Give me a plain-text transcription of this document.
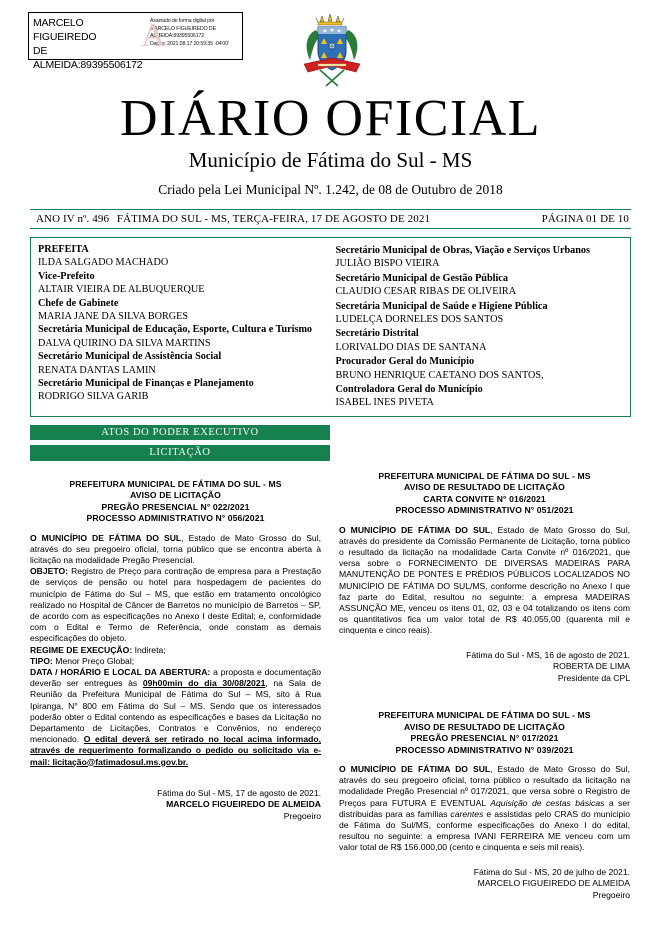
MARCELO FIGUEIREDO
DE
ALMEIDA:89395506172
A
Assinado de forma digital por
MARCELO FIGUEIREDO DE
ALMEIDA:89395506172
Dados: 2021.08.17 20:59:35 -04'00'
DIÁRIO OFICIAL
Município de Fátima do Sul - MS
Criado pela Lei Municipal Nº. 1.242, de 08 de Outubro de 2018
ANO IV nº. 496 FÁTIMA DO SUL - MS, TERÇA-FEIRA, 17 DE AGOSTO DE 2021	PÁGINA 01 DE 10
PREFEITA
ILDA SALGADO MACHADO
Vice-Prefeito
ALTAIR VIEIRA DE ALBUQUERQUE
Chefe de Gabinete
MARIA JANE DA SILVA BORGES
Secretária Municipal de Educação, Esporte, Cultura e Turismo
DALVA QUIRINO DA SILVA MARTINS
Secretário Municipal de Assistência Social
RENATA DANTAS LAMIN
Secretário Municipal de Finanças e Planejamento
RODRIGO SILVA GARIB
Secretário Municipal de Obras, Viação e Serviços Urbanos
JULIÃO BISPO VIEIRA
Secretário Municipal de Gestão Pública
CLAUDIO CESAR RIBAS DE OLIVEIRA
Secretária Municipal de Saúde e Higiene Pública
LUDELÇA DORNELES DOS SANTOS
Secretário Distrital
LORIVALDO DIAS DE SANTANA
Procurador Geral do Município
BRUNO HENRIQUE CAETANO DOS SANTOS,
Controladora Geral do Município
ISABEL INES PIVETA
ATOS DO PODER EXECUTIVO
LICITAÇÃO
PREFEITURA MUNICIPAL DE FÁTIMA DO SUL - MS
AVISO DE LICITAÇÃO
PREGÃO PRESENCIAL N° 022/2021
PROCESSO ADMINISTRATIVO N° 056/2021

O MUNICÍPIO DE FÁTIMA DO SUL, Estado de Mato Grosso do Sul, através do seu pregoeiro oficial, torna público que se encontra aberta à licitação na modalidade Pregão Presencial.

OBJETO: Registro de Preço para contração de empresa para a Prestação de serviços de pensão ou hotel para hospedagem de pacientes do município de Fátima do Sul – MS, que estão em tratamento oncológico realizado no Hospital de Câncer de Barretos no município de Barretos – SP, de acordo com as especificações no Anexo I deste Edital; e, conformidade com o Edital e Termo de Referência, onde constam as demais especificações do objeto.

REGIME DE EXECUÇÃO: Indireta;

TIPO: Menor Preço Global;

DATA / HORÁRIO E LOCAL DA ABERTURA: a proposta e documentação deverão ser entregues às 09h00min do dia 30/08/2021, na Sala de Reunião da Prefeitura Municipal de Fátima do Sul – MS, sito á Rua Ipiranga, N° 800 em Fátima do Sul – MS. Sendo que os interessados poderão obter o Edital contendo as especificações e bases da Licitação no Departamento de Licitações, Contratos e Convênios, no endereço mencionado. O edital deverá ser retirado no local acima informado, através de requerimento formalizando o pedido ou solicitado via e-mail: licitação@fatimadosul.ms.gov.br.

Fátima do Sul - MS, 17 de agosto de 2021.
MARCELO FIGUEIREDO DE ALMEIDA
Pregoeiro
PREFEITURA MUNICIPAL DE FÁTIMA DO SUL - MS
AVISO DE RESULTADO DE LICITAÇÃO
CARTA CONVITE N° 016/2021
PROCESSO ADMINISTRATIVO N° 051/2021

O MUNICÍPIO DE FÁTIMA DO SUL, Estado de Mato Grosso do Sul, através do presidente da Comissão Permanente de Licitação, torna público o resultado da licitação na modalidade Carta Convite nº 016/2021, que versa sobre o FORNECIMENTO DE DIVERSAS MADEIRAS PARA MANUTENÇÃO DE PONTES E PRÉDIOS PÚBLICOS LOCALIZADOS NO MUNICÍPIO DE FÁTIMA DO SUL/MS, conforme descrição no Anexo I que faz parte do Edital, resultou no seguinte: a empresa MADEIRAS ASSUNÇÃO ME, venceu os itens 01, 02, 03 e 04 totalizando os itens com os quantitativos fica um valor total de R$ 40.055,00 (quarenta mil e cinquenta e cinco reais).

Fátima do Sul - MS, 16 de agosto de 2021.
ROBERTA DE LIMA
Presidente da CPL
PREFEITURA MUNICIPAL DE FÁTIMA DO SUL - MS
AVISO DE RESULTADO DE LICITAÇÃO
PREGÃO PRESENCIAL N° 017/2021
PROCESSO ADMINISTRATIVO N° 039/2021

O MUNICÍPIO DE FÁTIMA DO SUL, Estado de Mato Grosso do Sul, através do seu pregoeiro oficial, torna público o resultado da licitação na modalidade Pregão Presencial nº 017/2021, que versa sobre o Registro de Preços para FUTURA E EVENTUAL Aquisição de cestas básicas a ser distribuidas para as famílias carentes e assistidas pelo CRAS do municipio de Fátima do Sul/MS, conforme especificações do Anexo I do edital, resultou no seguinte: a empresa IVANI FERREIRA ME venceu com um valor total de R$ 156.000,00 (cento e cinquenta e seis mil reais).

Fátima do Sul - MS, 20 de julho de 2021.
MARCELO FIGUEIREDO DE ALMEIDA
Pregoeiro
